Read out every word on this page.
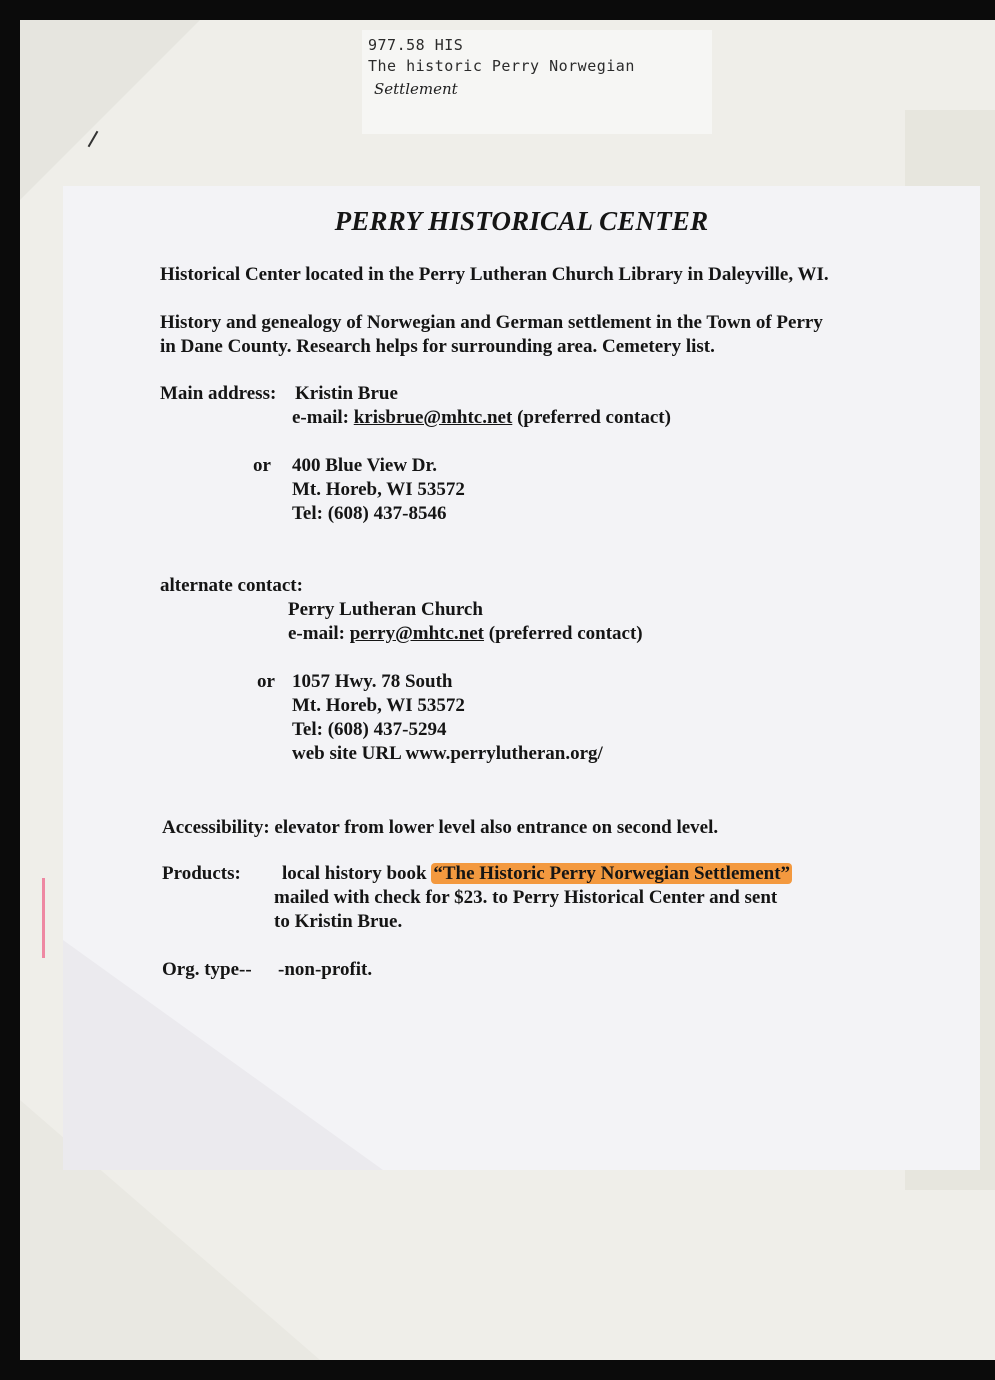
977.58 HIS
The historic Perry Norwegian
Settlement
PERRY HISTORICAL CENTER
Historical Center located in the Perry Lutheran Church Library in Daleyville, WI.
History and genealogy of Norwegian and German settlement in the Town of Perry
in Dane County. Research helps for surrounding area. Cemetery list.
Main address: Kristin Brue
e-mail: krisbrue@mhtc.net (preferred contact)
or 400 Blue View Dr.
Mt. Horeb, WI 53572
Tel: (608) 437-8546
alternate contact:
Perry Lutheran Church
e-mail: perry@mhtc.net (preferred contact)
or 1057 Hwy. 78 South
Mt. Horeb, WI 53572
Tel: (608) 437-5294
web site URL www.perrylutheran.org/
Accessibility: elevator from lower level also entrance on second level.
Products: local history book “The Historic Perry Norwegian Settlement”
mailed with check for $23. to Perry Historical Center and sent
to Kristin Brue.
Org. type-- -non-profit.
